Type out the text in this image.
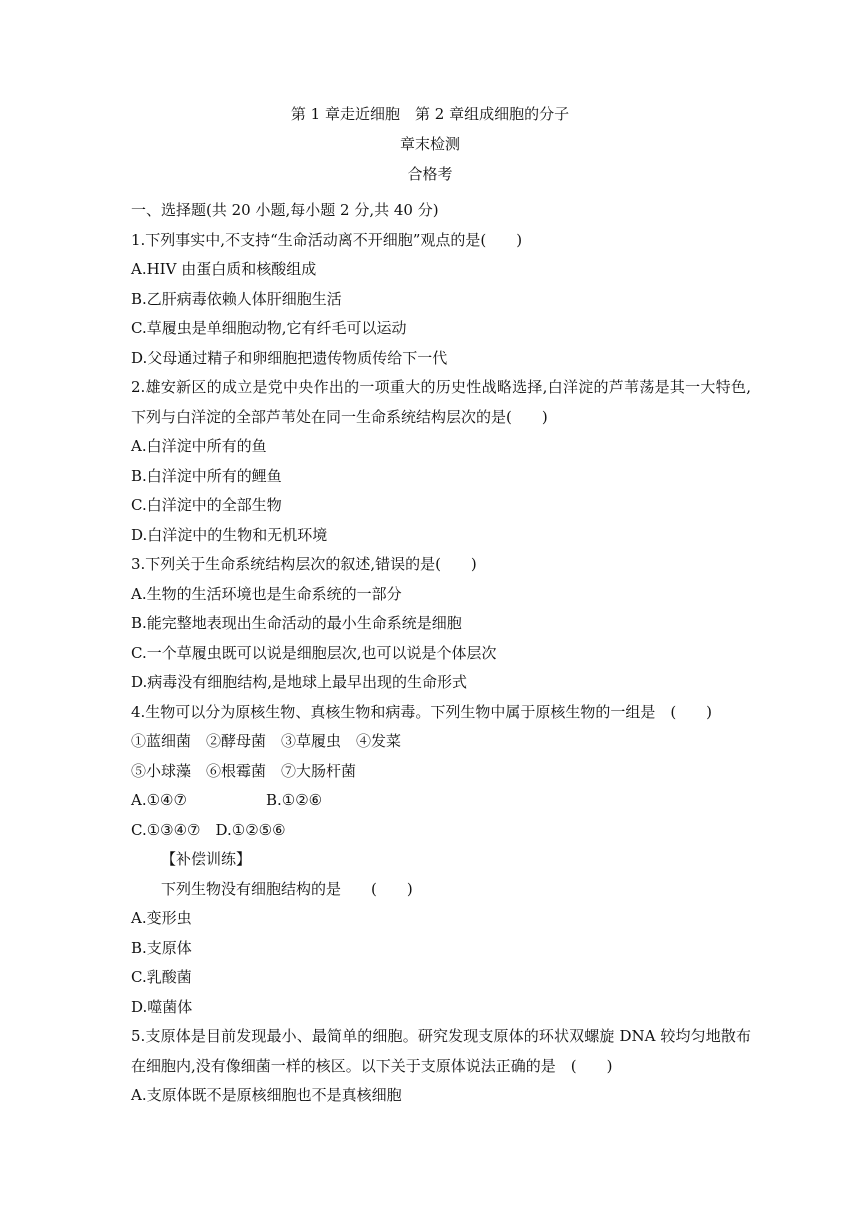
第 1 章走近细胞　第 2 章组成细胞的分子
章末检测
合格考
一、选择题(共 20 小题,每小题 2 分,共 40 分)
1.下列事实中,不支持“生命活动离不开细胞”观点的是(　　)
A.HIV 由蛋白质和核酸组成
B.乙肝病毒依赖人体肝细胞生活
C.草履虫是单细胞动物,它有纤毛可以运动
D.父母通过精子和卵细胞把遗传物质传给下一代
2.雄安新区的成立是党中央作出的一项重大的历史性战略选择,白洋淀的芦苇荡是其一大特色,下列与白洋淀的全部芦苇处在同一生命系统结构层次的是(　　)
A.白洋淀中所有的鱼
B.白洋淀中所有的鲤鱼
C.白洋淀中的全部生物
D.白洋淀中的生物和无机环境
3.下列关于生命系统结构层次的叙述,错误的是(　　)
A.生物的生活环境也是生命系统的一部分
B.能完整地表现出生命活动的最小生命系统是细胞
C.一个草履虫既可以说是细胞层次,也可以说是个体层次
D.病毒没有细胞结构,是地球上最早出现的生命形式
4.生物可以分为原核生物、真核生物和病毒。下列生物中属于原核生物的一组是　(　　)
①蓝细菌　②酵母菌　③草履虫　④发菜
⑤小球藻　⑥根霉菌　⑦大肠杆菌
A.①④⑦	B.①②⑥
C.①③④⑦　D.①②⑤⑥
【补偿训练】
下列生物没有细胞结构的是　　(　　)
A.变形虫
B.支原体
C.乳酸菌
D.噬菌体
5.支原体是目前发现最小、最简单的细胞。研究发现支原体的环状双螺旋 DNA 较均匀地散布在细胞内,没有像细菌一样的核区。以下关于支原体说法正确的是　(　　)
A.支原体既不是原核细胞也不是真核细胞
